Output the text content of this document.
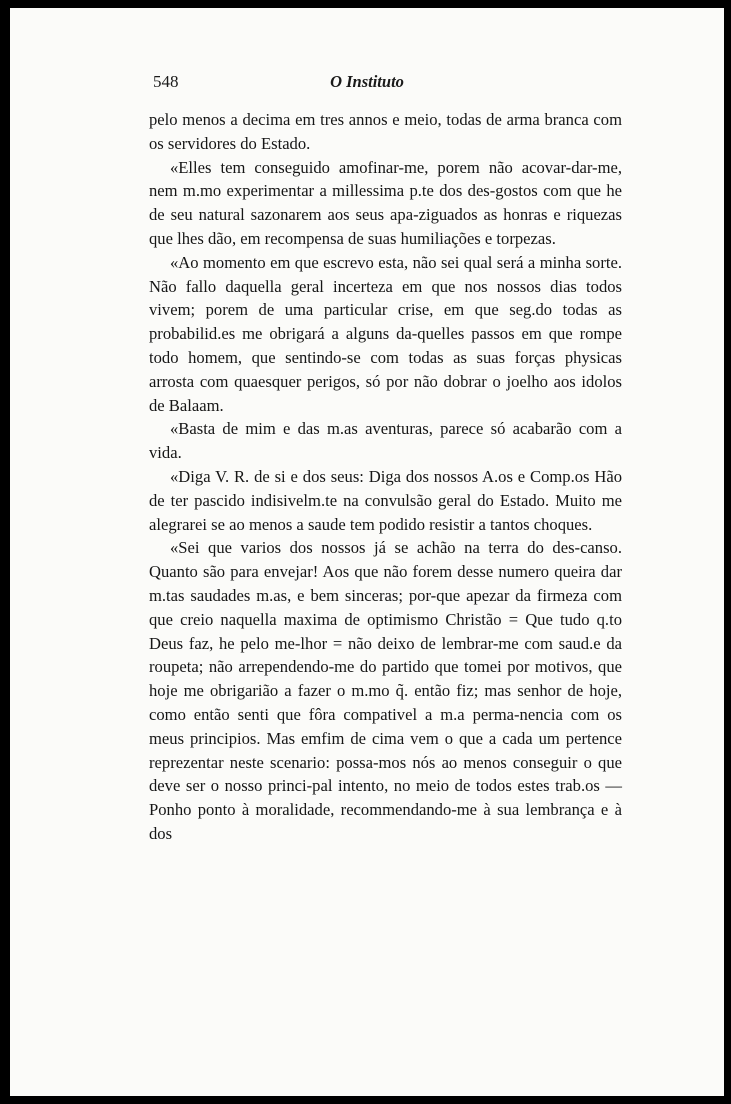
548	O Instituto

pelo menos a decima em tres annos e meio, todas de arma branca com os servidores do Estado.

«Elles tem conseguido amofinar-me, porem não acovar-dar-me, nem m.mo experimentar a millessima p.te dos des-gostos com que he de seu natural sazonarem aos seus apa-ziguados as honras e riquezas que lhes dão, em recompensa de suas humiliações e torpezas.

«Ao momento em que escrevo esta, não sei qual será a minha sorte. Não fallo daquella geral incerteza em que nos nossos dias todos vivem; porem de uma particular crise, em que seg.do todas as probabilid.es me obrigará a alguns da-quelles passos em que rompe todo homem, que sentindo-se com todas as suas forças physicas arrosta com quaesquer perigos, só por não dobrar o joelho aos idolos de Balaam.

«Basta de mim e das m.as aventuras, parece só acabarão com a vida.

«Diga V. R. de si e dos seus: Diga dos nossos A.os e Comp.os Hão de ter pascido indisivelm.te na convulsão geral do Estado. Muito me alegrarei se ao menos a saude tem podido resistir a tantos choques.

«Sei que varios dos nossos já se achão na terra do des-canso. Quanto são para envejar! Aos que não forem desse numero queira dar m.tas saudades m.as, e bem sinceras; por-que apezar da firmeza com que creio naquella maxima de optimismo Christão = Que tudo q.to Deus faz, he pelo me-lhor = não deixo de lembrar-me com saud.e da roupeta; não arrependendo-me do partido que tomei por motivos, que hoje me obrigarião a fazer o m.mo q̃. então fiz; mas senhor de hoje, como então senti que fôra compativel a m.a perma-nencia com os meus principios. Mas emfim de cima vem o que a cada um pertence reprezentar neste scenario: possa-mos nós ao menos conseguir o que deve ser o nosso princi-pal intento, no meio de todos estes trab.os — Ponho ponto à moralidade, recommendando-me à sua lembrança e à dos
